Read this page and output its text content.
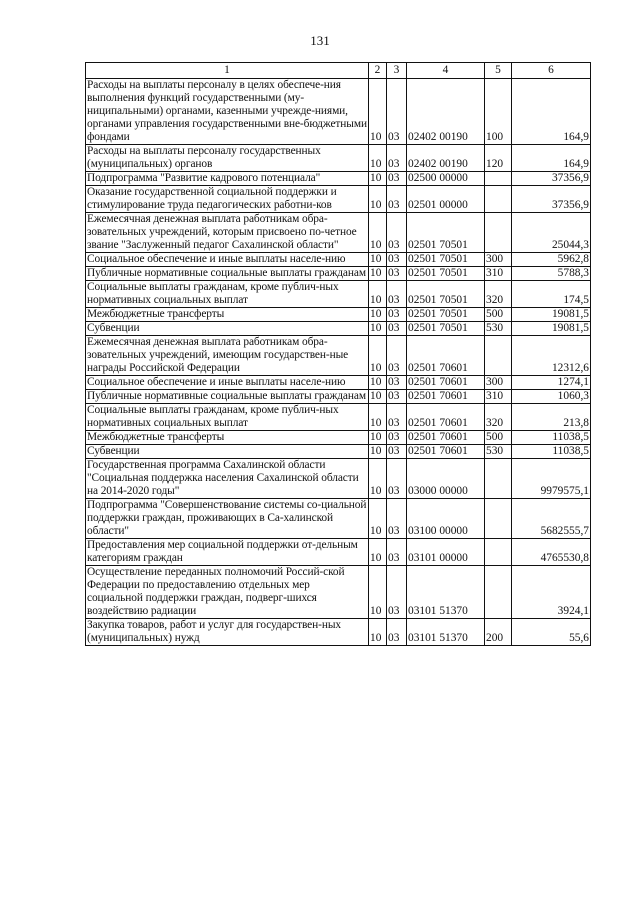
131
1	2	3	4	5	6
Расходы на выплаты персоналу в целях обеспече-ния выполнения функций государственными (му-ниципальными) органами, казенными учрежде-ниями, органами управления государственными вне-бюджетными фондами	10	03	02402 00190	100	164,9
Расходы на выплаты персоналу государственных (муниципальных) органов	10	03	02402 00190	120	164,9
Подпрограмма "Развитие кадрового потенциала"	10	03	02500 00000		37356,9
Оказание государственной социальной поддержки и стимулирование труда педагогических работни-ков	10	03	02501 00000		37356,9
Ежемесячная денежная выплата работникам обра-зовательных учреждений, которым присвоено по-четное звание "Заслуженный педагог Сахалинской области"	10	03	02501 70501		25044,3
Социальное обеспечение и иные выплаты населе-нию	10	03	02501 70501	300	5962,8
Публичные нормативные социальные выплаты гражданам	10	03	02501 70501	310	5788,3
Социальные выплаты гражданам, кроме публич-ных нормативных социальных выплат	10	03	02501 70501	320	174,5
Межбюджетные трансферты	10	03	02501 70501	500	19081,5
Субвенции	10	03	02501 70501	530	19081,5
Ежемесячная денежная выплата работникам обра-зовательных учреждений, имеющим государствен-ные награды Российской Федерации	10	03	02501 70601		12312,6
Социальное обеспечение и иные выплаты населе-нию	10	03	02501 70601	300	1274,1
Публичные нормативные социальные выплаты гражданам	10	03	02501 70601	310	1060,3
Социальные выплаты гражданам, кроме публич-ных нормативных социальных выплат	10	03	02501 70601	320	213,8
Межбюджетные трансферты	10	03	02501 70601	500	11038,5
Субвенции	10	03	02501 70601	530	11038,5
Государственная программа Сахалинской области "Социальная поддержка населения Сахалинской области на 2014-2020 годы"	10	03	03000 00000		9979575,1
Подпрограмма "Совершенствование системы со-циальной поддержки граждан, проживающих в Са-халинской области"	10	03	03100 00000		5682555,7
Предоставления мер социальной поддержки от-дельным категориям граждан	10	03	03101 00000		4765530,8
Осуществление переданных полномочий Россий-ской Федерации по предоставлению отдельных мер социальной поддержки граждан, подверг-шихся воздействию радиации	10	03	03101 51370		3924,1
Закупка товаров, работ и услуг для государствен-ных (муниципальных) нужд	10	03	03101 51370	200	55,6
